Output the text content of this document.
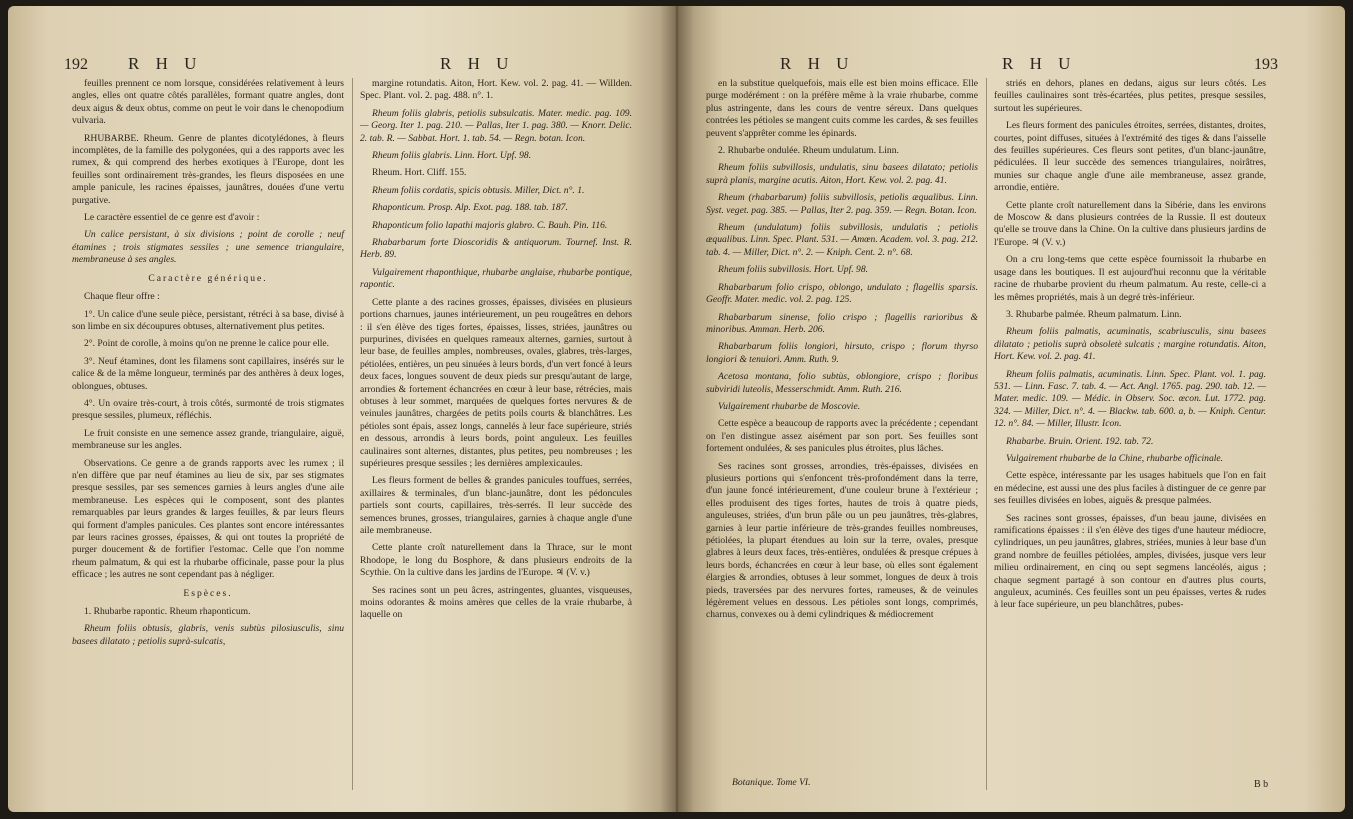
192 R H U	R H U

feuilles prennent ce nom lorsque, considérées relativement à leurs angles, elles ont quatre côtés parallèles, formant quatre angles, dont deux aigus & deux obtus, comme on peut le voir dans le chenopodium vulvaria.

RHUBARBE. Rheum. Genre de plantes dicotylédones, à fleurs incomplètes, de la famille des polygonées, qui a des rapports avec les rumex, & qui comprend des herbes exotiques à l'Europe, dont les feuilles sont ordinairement très-grandes, les fleurs disposées en une ample panicule, les racines épaisses, jaunâtres, douées d'une vertu purgative.

Le caractère essentiel de ce genre est d'avoir :

Un calice persistant, à six divisions ; point de corolle ; neuf étamines ; trois stigmates sessiles ; une semence triangulaire, membraneuse à ses angles.

Caractère générique.

Chaque fleur offre :

1°. Un calice d'une seule pièce, persistant, rétréci à sa base, divisé à son limbe en six découpures obtuses, alternativement plus petites.

2°. Point de corolle, à moins qu'on ne prenne le calice pour elle.

3°. Neuf étamines, dont les filamens sont capillaires, insérés sur le calice & de la même longueur, terminés par des anthères à deux loges, oblongues, obtuses.

4°. Un ovaire très-court, à trois côtés, surmonté de trois stigmates presque sessiles, plumeux, réfléchis.

Le fruit consiste en une semence assez grande, triangulaire, aiguë, membraneuse sur les angles.

Observations. Ce genre a de grands rapports avec les rumex ; il n'en diffère que par neuf étamines au lieu de six, par ses stigmates presque sessiles, par ses semences garnies à leurs angles d'une aile membraneuse. Les espèces qui le composent, sont des plantes remarquables par leurs grandes & larges feuilles, & par leurs fleurs qui forment d'amples panicules. Ces plantes sont encore intéressantes par leurs racines grosses, épaisses, & qui ont toutes la propriété de purger doucement & de fortifier l'estomac. Celle que l'on nomme rheum palmatum, & qui est la rhubarbe officinale, passe pour la plus efficace ; les autres ne sont cependant pas à négliger.

Espèces.

1. Rhubarbe rapontic. Rheum rhaponticum.

Rheum foliis obtusis, glabris, venis subtùs pilosiusculis, sinu basees dilatato ; petiolis suprà-sulcatis,

margine rotundatis. Aiton, Hort. Kew. vol. 2. pag. 41. — Willden. Spec. Plant. vol. 2. pag. 488. n°. 1.

Rheum foliis glabris, petiolis subsulcatis. Mater. medic. pag. 109. — Georg. Iter 1. pag. 210. — Pallas, Iter 1. pag. 380. — Knorr. Delic. 2. tab. R. — Sabbat. Hort. 1. tab. 54. — Regn. botan. Icon.

Rheum foliis glabris. Linn. Hort. Upf. 98.

Rheum. Hort. Cliff. 155.

Rheum foliis cordatis, spicis obtusis. Miller, Dict. n°. 1.

Rhaponticum. Prosp. Alp. Exot. pag. 188. tab. 187.

Rhaponticum folio lapathi majoris glabro. C. Bauh. Pin. 116.

Rhabarbarum forte Dioscoridis & antiquorum. Tournef. Inst. R. Herb. 89.

Vulgairement rhaponthique, rhubarbe anglaise, rhubarbe pontique, rapontic.

Cette plante a des racines grosses, épaisses, divisées en plusieurs portions charnues, jaunes intérieurement, un peu rougeâtres en dehors : il s'en élève des tiges fortes, épaisses, lisses, striées, jaunâtres ou purpurines, divisées en quelques rameaux alternes, garnies, surtout à leur base, de feuilles amples, nombreuses, ovales, glabres, très-larges, pétiolées, entières, un peu sinuées à leurs bords, d'un vert foncé à leurs deux faces, longues souvent de deux pieds sur presqu'autant de large, arrondies & fortement échancrées en cœur à leur base, rétrécies, mais obtuses à leur sommet, marquées de quelques fortes nervures & de veinules jaunâtres, chargées de petits poils courts & blanchâtres. Les pétioles sont épais, assez longs, cannelés à leur face supérieure, striés en dessous, arrondis à leurs bords, point anguleux. Les feuilles caulinaires sont alternes, distantes, plus petites, peu nombreuses ; les supérieures presque sessiles ; les dernières amplexicaules.

Les fleurs forment de belles & grandes panicules touffues, serrées, axillaires & terminales, d'un blanc-jaunâtre, dont les pédoncules partiels sont courts, capillaires, très-serrés. Il leur succède des semences brunes, grosses, triangulaires, garnies à chaque angle d'une aile membraneuse.

Cette plante croît naturellement dans la Thrace, sur le mont Rhodope, le long du Bosphore, & dans plusieurs endroits de la Scythie. On la cultive dans les jardins de l'Europe. ♃ (V. v.)

Ses racines sont un peu âcres, astringentes, gluantes, visqueuses, moins odorantes & moins amères que celles de la vraie rhubarbe, à laquelle on

R H U	R H U	193

en la substitue quelquefois, mais elle est bien moins efficace. Elle purge modérément : on la préfère même à la vraie rhubarbe, comme plus astringente, dans les cours de ventre séreux. Dans quelques contrées les pétioles se mangent cuits comme les cardes, & ses feuilles peuvent s'apprêter comme les épinards.

2. Rhubarbe ondulée. Rheum undulatum. Linn.

Rheum foliis subvillosis, undulatis, sinu basees dilatato; petiolis suprà planis, margine acutis. Aiton, Hort. Kew. vol. 2. pag. 41.

Rheum (rhabarbarum) foliis subvillosis, petiolis æqualibus. Linn. Syst. veget. pag. 385. — Pallas, Iter 2. pag. 359. — Regn. Botan. Icon.

Rheum (undulatum) foliis subvillosis, undulatis ; petiolis æqualibus. Linn. Spec. Plant. 531. — Amœn. Academ. vol. 3. pag. 212. tab. 4. — Miller, Dict. n°. 2. — Kniph. Cent. 2. n°. 68.

Rheum foliis subvillosis. Hort. Upf. 98.

Rhabarbarum folio crispo, oblongo, undulato ; flagellis sparsis. Geoffr. Mater. medic. vol. 2. pag. 125.

Rhabarbarum sinense, folio crispo ; flagellis rarioribus & minoribus. Amman. Herb. 206.

Rhabarbarum foliis longiori, hirsuto, crispo ; florum thyrso longiori & tenuiori. Amm. Ruth. 9.

Acetosa montana, folio subtùs, oblongiore, crispo ; floribus subviridi luteolis, Messerschmidt. Amm. Ruth. 216.

Vulgairement rhubarbe de Moscovie.

Cette espèce a beaucoup de rapports avec la précédente ; cependant on l'en distingue assez aisément par son port. Ses feuilles sont fortement ondulées, & ses panicules plus étroites, plus lâches.

Ses racines sont grosses, arrondies, très-épaisses, divisées en plusieurs portions qui s'enfoncent très-profondément dans la terre, d'un jaune foncé intérieurement, d'une couleur brune à l'extérieur ; elles produisent des tiges fortes, hautes de trois à quatre pieds, anguleuses, striées, d'un brun pâle ou un peu jaunâtres, très-glabres, garnies à leur partie inférieure de très-grandes feuilles nombreuses, pétiolées, la plupart étendues au loin sur la terre, ovales, presque glabres à leurs deux faces, très-entières, ondulées & presque crépues à leurs bords, échancrées en cœur à leur base, où elles sont également élargies & arrondies, obtuses à leur sommet, longues de deux à trois pieds, traversées par des nervures fortes, rameuses, & de veinules légèrement velues en dessous. Les pétioles sont longs, comprimés, charnus, convexes ou à demi cylindriques & médiocrement

striés en dehors, planes en dedans, aigus sur leurs côtés. Les feuilles caulinaires sont très-écartées, plus petites, presque sessiles, surtout les supérieures.

Les fleurs forment des panicules étroites, serrées, distantes, droites, courtes, point diffuses, situées à l'extrémité des tiges & dans l'aisselle des feuilles supérieures. Ces fleurs sont petites, d'un blanc-jaunâtre, pédiculées. Il leur succède des semences triangulaires, noirâtres, munies sur chaque angle d'une aile membraneuse, assez grande, arrondie, entière.

Cette plante croît naturellement dans la Sibérie, dans les environs de Moscow & dans plusieurs contrées de la Russie. Il est douteux qu'elle se trouve dans la Chine. On la cultive dans plusieurs jardins de l'Europe. ♃ (V. v.)

On a cru long-tems que cette espèce fournissoit la rhubarbe en usage dans les boutiques. Il est aujourd'hui reconnu que la véritable racine de rhubarbe provient du rheum palmatum. Au reste, celle-ci a les mêmes propriétés, mais à un degré très-inférieur.

3. Rhubarbe palmée. Rheum palmatum. Linn.

Rheum foliis palmatis, acuminatis, scabriusculis, sinu basees dilatato ; petiolis suprà obsoletè sulcatis ; margine rotundatis. Aiton, Hort. Kew. vol. 2. pag. 41.

Rheum foliis palmatis, acuminatis. Linn. Spec. Plant. vol. 1. pag. 531. — Linn. Fasc. 7. tab. 4. — Act. Angl. 1765. pag. 290. tab. 12. — Mater. medic. 109. — Médic. in Observ. Soc. œcon. Lut. 1772. pag. 324. — Miller, Dict. n°. 4. — Blackw. tab. 600. a, b. — Kniph. Centur. 12. n°. 84. — Miller, Illustr. Icon.

Rhabarbe. Bruin. Orient. 192. tab. 72.

Vulgairement rhubarbe de la Chine, rhubarbe officinale.

Cette espèce, intéressante par les usages habituels que l'on en fait en médecine, est aussi une des plus faciles à distinguer de ce genre par ses feuilles divisées en lobes, aiguës & presque palmées.

Ses racines sont grosses, épaisses, d'un beau jaune, divisées en ramifications épaisses : il s'en élève des tiges d'une hauteur médiocre, cylindriques, un peu jaunâtres, glabres, striées, munies à leur base d'un grand nombre de feuilles pétiolées, amples, divisées, jusque vers leur milieu ordinairement, en cinq ou sept segmens lancéolés, aigus ; chaque segment partagé à son contour en d'autres plus courts, anguleux, acuminés. Ces feuilles sont un peu épaisses, vertes & rudes à leur face supérieure, un peu blanchâtres, pubes-

Botanique. Tome VI.	B b
